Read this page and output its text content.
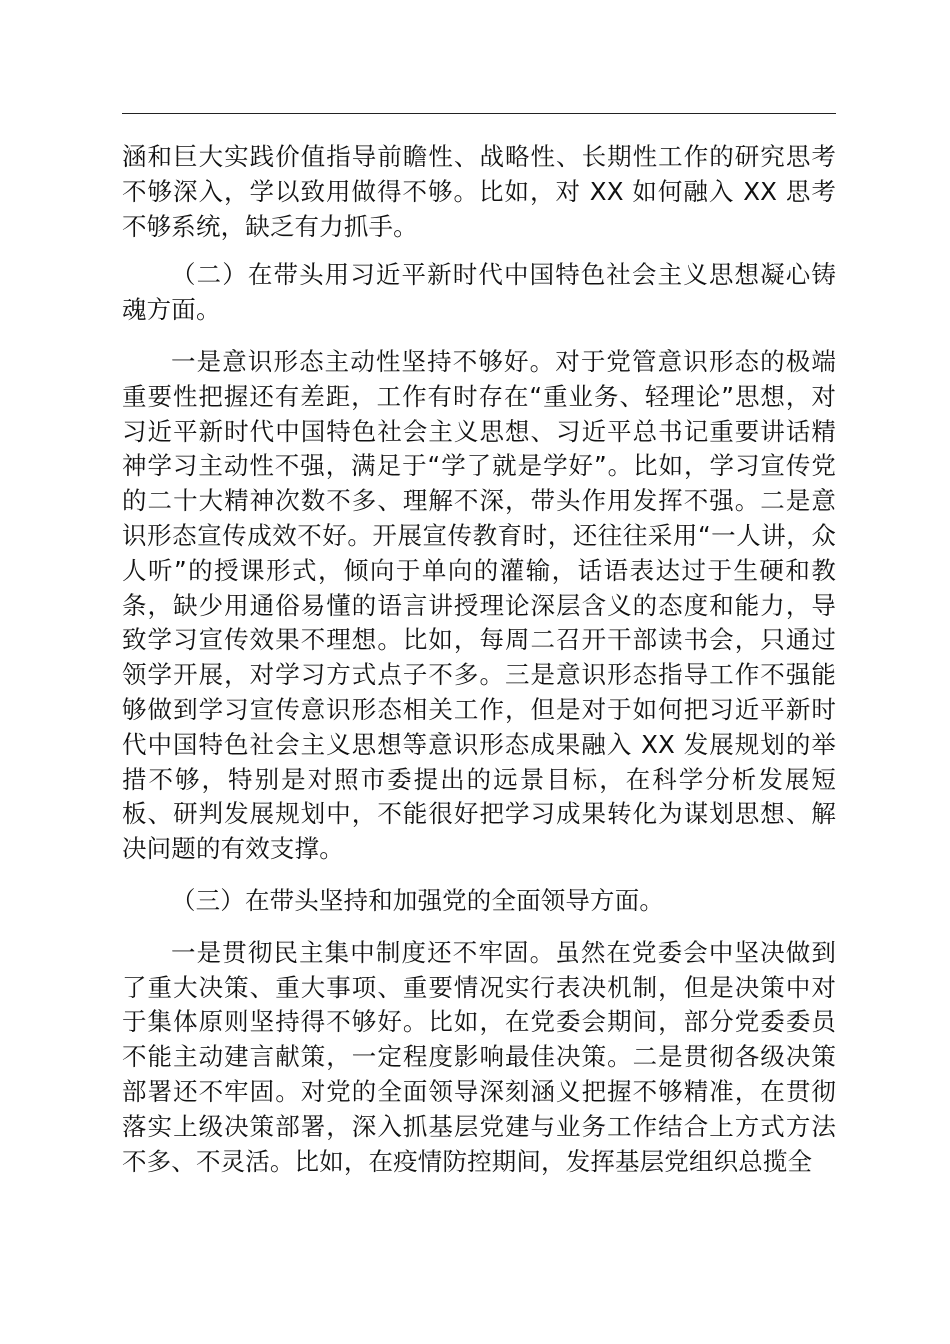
涵和巨大实践价值指导前瞻性、战略性、长期性工作的研究思考不够深入，学以致用做得不够。比如，对 XX 如何融入 XX 思考不够系统，缺乏有力抓手。

（二）在带头用习近平新时代中国特色社会主义思想凝心铸魂方面。

一是意识形态主动性坚持不够好。对于党管意识形态的极端重要性把握还有差距，工作有时存在“重业务、轻理论”思想，对习近平新时代中国特色社会主义思想、习近平总书记重要讲话精神学习主动性不强，满足于“学了就是学好”。比如，学习宣传党的二十大精神次数不多、理解不深，带头作用发挥不强。二是意识形态宣传成效不好。开展宣传教育时，还往往采用“一人讲，众人听”的授课形式，倾向于单向的灌输，话语表达过于生硬和教条，缺少用通俗易懂的语言讲授理论深层含义的态度和能力，导致学习宣传效果不理想。比如，每周二召开干部读书会，只通过领学开展，对学习方式点子不多。三是意识形态指导工作不强能够做到学习宣传意识形态相关工作，但是对于如何把习近平新时代中国特色社会主义思想等意识形态成果融入 XX 发展规划的举措不够，特别是对照市委提出的远景目标，在科学分析发展短板、研判发展规划中，不能很好把学习成果转化为谋划思想、解决问题的有效支撑。

（三）在带头坚持和加强党的全面领导方面。

一是贯彻民主集中制度还不牢固。虽然在党委会中坚决做到了重大决策、重大事项、重要情况实行表决机制，但是决策中对于集体原则坚持得不够好。比如，在党委会期间，部分党委委员不能主动建言献策，一定程度影响最佳决策。二是贯彻各级决策部署还不牢固。对党的全面领导深刻涵义把握不够精准，在贯彻落实上级决策部署，深入抓基层党建与业务工作结合上方式方法不多、不灵活。比如，在疫情防控期间，发挥基层党组织总揽全
